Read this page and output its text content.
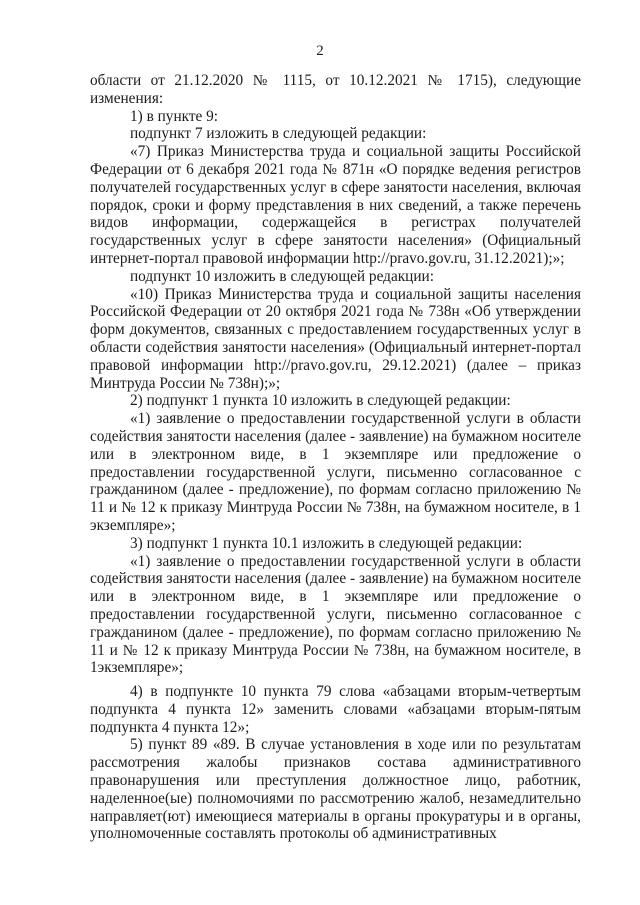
2

области от 21.12.2020 № 1115, от 10.12.2021 № 1715), следующие изменения:

1) в пункте 9:

подпункт 7 изложить в следующей редакции:

«7) Приказ Министерства труда и социальной защиты Российской Федерации от 6 декабря 2021 года № 871н «О порядке ведения регистров получателей государственных услуг в сфере занятости населения, включая порядок, сроки и форму представления в них сведений, а также перечень видов информации, содержащейся в регистрах получателей государственных услуг в сфере занятости населения» (Официальный интернет-портал правовой информации http://pravo.gov.ru, 31.12.2021);»;

подпункт 10 изложить в следующей редакции:

«10) Приказ Министерства труда и социальной защиты населения Российской Федерации от 20 октября 2021 года № 738н «Об утверждении форм документов, связанных с предоставлением государственных услуг в области содействия занятости населения» (Официальный интернет-портал правовой информации http://pravo.gov.ru, 29.12.2021) (далее – приказ Минтруда России № 738н);»;

2) подпункт 1 пункта 10 изложить в следующей редакции:

«1) заявление о предоставлении государственной услуги в области содействия занятости населения (далее - заявление) на бумажном носителе или в электронном виде, в 1 экземпляре или предложение о предоставлении государственной услуги, письменно согласованное с гражданином (далее - предложение), по формам согласно приложению № 11 и № 12 к приказу Минтруда России № 738н, на бумажном носителе, в 1 экземпляре»;

3) подпункт 1 пункта 10.1 изложить в следующей редакции:

«1) заявление о предоставлении государственной услуги в области содействия занятости населения (далее - заявление) на бумажном носителе или в электронном виде, в 1 экземпляре или предложение о предоставлении государственной услуги, письменно согласованное с гражданином (далее - предложение), по формам согласно приложению № 11 и № 12 к приказу Минтруда России № 738н, на бумажном носителе, в 1экземпляре»;

4) в подпункте 10 пункта 79 слова «абзацами вторым-четвертым подпункта 4 пункта 12» заменить словами «абзацами вторым-пятым подпункта 4 пункта 12»;

5) пункт 89 «89. В случае установления в ходе или по результатам рассмотрения жалобы признаков состава административного правонарушения или преступления должностное лицо, работник, наделенное(ые) полномочиями по рассмотрению жалоб, незамедлительно направляет(ют) имеющиеся материалы в органы прокуратуры и в органы, уполномоченные составлять протоколы об административных
